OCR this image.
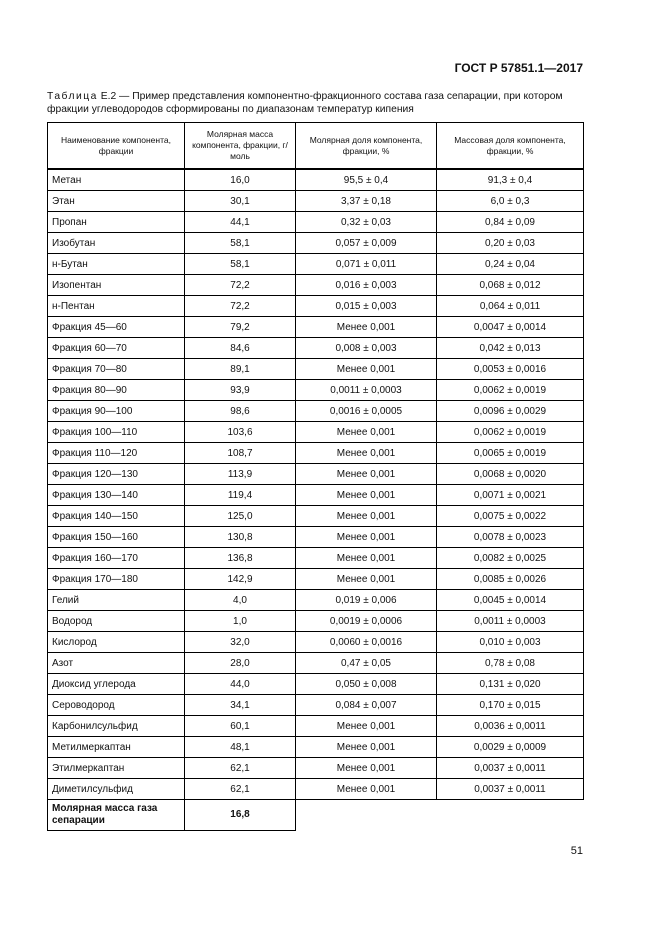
ГОСТ Р 57851.1—2017
Таблица Е.2 — Пример представления компонентно-фракционного состава газа сепарации, при котором фракции углеводородов сформированы по диапазонам температур кипения
Наименование компонента, фракции	Молярная масса компонента, фракции, г/моль	Молярная доля компонента, фракции, %	Массовая доля компонента, фракции, %
Метан	16,0	95,5 ± 0,4	91,3 ± 0,4
Этан	30,1	3,37 ± 0,18	6,0 ± 0,3
Пропан	44,1	0,32 ± 0,03	0,84 ± 0,09
Изобутан	58,1	0,057 ± 0,009	0,20 ± 0,03
н-Бутан	58,1	0,071 ± 0,011	0,24 ± 0,04
Изопентан	72,2	0,016 ± 0,003	0,068 ± 0,012
н-Пентан	72,2	0,015 ± 0,003	0,064 ± 0,011
Фракция 45—60	79,2	Менее 0,001	0,0047 ± 0,0014
Фракция 60—70	84,6	0,008 ± 0,003	0,042 ± 0,013
Фракция 70—80	89,1	Менее 0,001	0,0053 ± 0,0016
Фракция 80—90	93,9	0,0011 ± 0,0003	0,0062 ± 0,0019
Фракция 90—100	98,6	0,0016 ± 0,0005	0,0096 ± 0,0029
Фракция 100—110	103,6	Менее 0,001	0,0062 ± 0,0019
Фракция 110—120	108,7	Менее 0,001	0,0065 ± 0,0019
Фракция 120—130	113,9	Менее 0,001	0,0068 ± 0,0020
Фракция 130—140	119,4	Менее 0,001	0,0071 ± 0,0021
Фракция 140—150	125,0	Менее 0,001	0,0075 ± 0,0022
Фракция 150—160	130,8	Менее 0,001	0,0078 ± 0,0023
Фракция 160—170	136,8	Менее 0,001	0,0082 ± 0,0025
Фракция 170—180	142,9	Менее 0,001	0,0085 ± 0,0026
Гелий	4,0	0,019 ± 0,006	0,0045 ± 0,0014
Водород	1,0	0,0019 ± 0,0006	0,0011 ± 0,0003
Кислород	32,0	0,0060 ± 0,0016	0,010 ± 0,003
Азот	28,0	0,47 ± 0,05	0,78 ± 0,08
Диоксид углерода	44,0	0,050 ± 0,008	0,131 ± 0,020
Сероводород	34,1	0,084 ± 0,007	0,170 ± 0,015
Карбонилсульфид	60,1	Менее 0,001	0,0036 ± 0,0011
Метилмеркаптан	48,1	Менее 0,001	0,0029 ± 0,0009
Этилмеркаптан	62,1	Менее 0,001	0,0037 ± 0,0011
Диметилсульфид	62,1	Менее 0,001	0,0037 ± 0,0011
Молярная масса газа сепарации	16,8		
51
